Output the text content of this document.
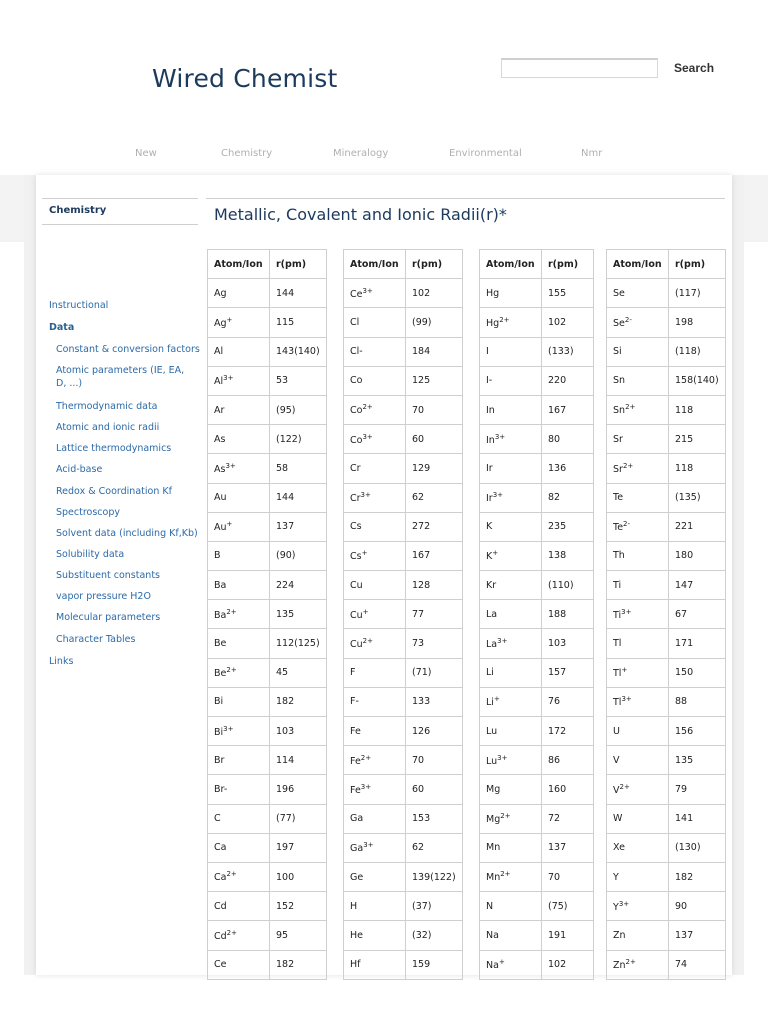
Wired Chemist	Search
New	Chemistry	Mineralogy	Environmental	Nmr
Chemistry
Instructional
Data
Constant & conversion factors
Atomic parameters (IE, EA, D, ...)
Thermodynamic data
Atomic and ionic radii
Lattice thermodynamics
Acid-base
Redox & Coordination Kf
Spectroscopy
Solvent data (including Kf,Kb)
Solubility data
Substituent constants
vapor pressure H2O
Molecular parameters
Character Tables
Links
Metallic, Covalent and Ionic Radii(r)*
Atom/Ion	r(pm)
Ag	144
Ag+	115
Al	143(140)
$Al^{3+}$	53
Ar	(95)
As	(122)
$As^{3+}$	58
Au	144
Au+	137
B	(90)
Ba	224
$Ba^{2+}$	135
Be	112(125)
$Be^{2+}$	45
Bi	182
$Bi^{3+}$	103
Br	114
Br-	196
C	(77)
Ca	197
$Ca^{2+}$	100
Cd	152
$Cd^{2+}$	95
Ce	182
Atom/Ion	r(pm)
$Ce^{3+}$	102
Cl	(99)
Cl-	184
Co	125
$Co^{2+}$	70
$Co^{3+}$	60
Cr	129
$Cr^{3+}$	62
Cs	272
Cs+	167
Cu	128
Cu+	77
$Cu^{2+}$	73
F	(71)
F-	133
Fe	126
$Fe^{2+}$	70
$Fe^{3+}$	60
Ga	153
$Ga^{3+}$	62
Ge	139(122)
H	(37)
He	(32)
Hf	159
Atom/Ion	r(pm)
Hg	155
$Hg^{2+}$	102
I	(133)
I-	220
In	167
$In^{3+}$	80
Ir	136
$Ir^{3+}$	82
K	235
K+	138
Kr	(110)
La	188
$La^{3+}$	103
Li	157
Li+	76
Lu	172
$Lu^{3+}$	86
Mg	160
$Mg^{2+}$	72
Mn	137
$Mn^{2+}$	70
N	(75)
Na	191
Na+	102
Atom/Ion	r(pm)
Se	(117)
$Se^{2-}$	198
Si	(118)
Sn	158(140)
$Sn^{2+}$	118
Sr	215
$Sr^{2+}$	118
Te	(135)
$Te^{2-}$	221
Th	180
Ti	147
$Ti^{3+}$	67
Tl	171
Tl+	150
$Tl^{3+}$	88
U	156
V	135
$V^{2+}$	79
W	141
Xe	(130)
Y	182
$Y^{3+}$	90
Zn	137
$Zn^{2+}$	74
